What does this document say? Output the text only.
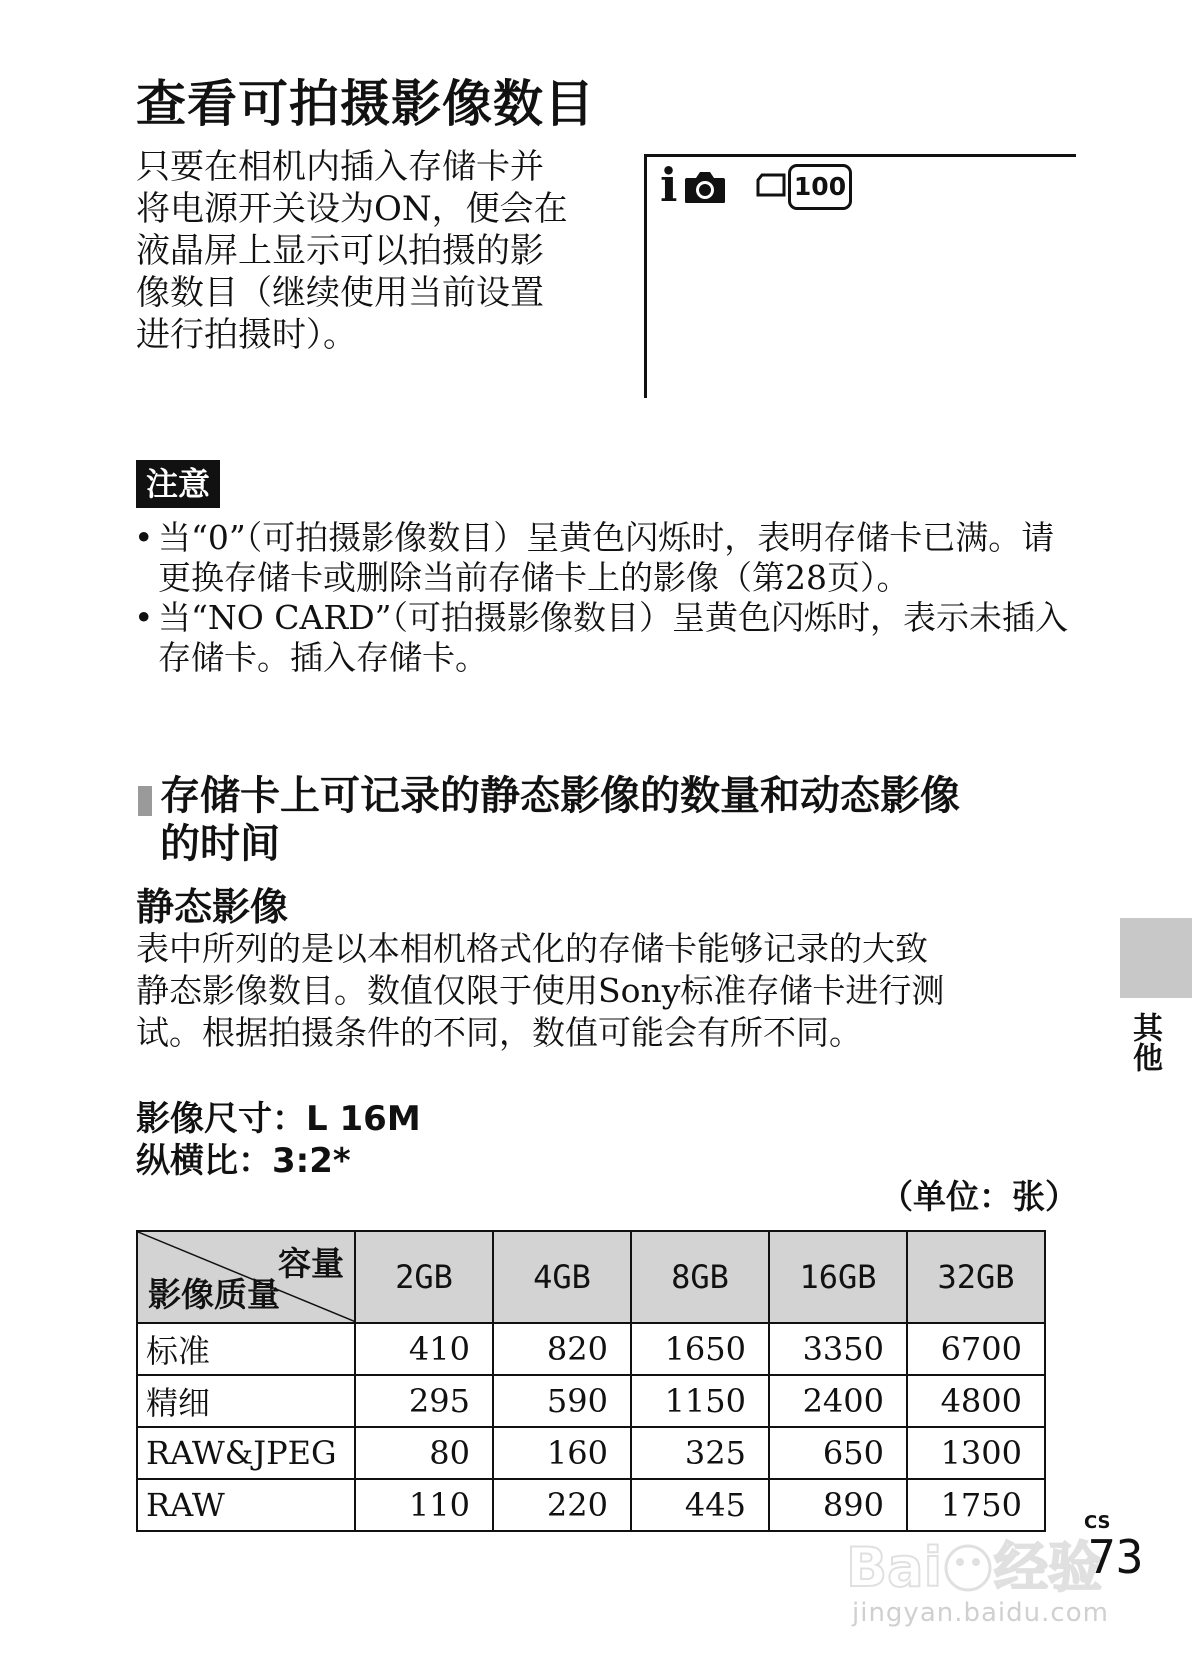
查看可拍摄影像数目
只要在相机内插入存储卡并
将电源开关设为ON，便会在
液晶屏上显示可以拍摄的影
像数目（继续使用当前设置
进行拍摄时）。
i	100
注意
• 当“0”（可拍摄影像数目）呈黄色闪烁时，表明存储卡已满。请更换存储卡或删除当前存储卡上的影像（第28页）。
• 当“NO CARD”（可拍摄影像数目）呈黄色闪烁时，表示未插入存储卡。插入存储卡。
存储卡上可记录的静态影像的数量和动态影像
的时间
静态影像
表中所列的是以本相机格式化的存储卡能够记录的大致
静态影像数目。数值仅限于使用Sony标准存储卡进行测
试。根据拍摄条件的不同，数值可能会有所不同。
影像尺寸：L 16M
纵横比：3:2*
（单位：张）
容量
影像质量	2GB	4GB	8GB	16GB	32GB
标准	410	820	1650	3350	6700
精细	295	590	1150	2400	4800
RAW&JPEG	80	160	325	650	1300
RAW	110	220	445	890	1750
其他
Bai 经验
jingyan.baidu.com
CS
73
